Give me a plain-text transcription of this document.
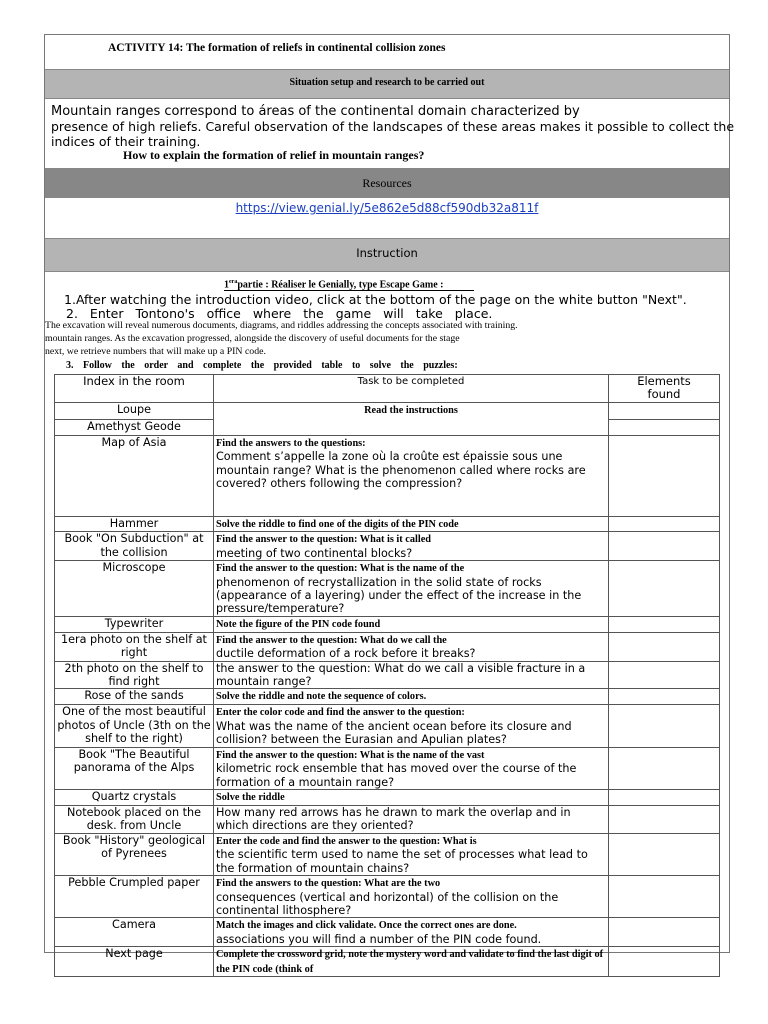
ACTIVITY 14: The formation of reliefs in continental collision zones
Situation setup and research to be carried out
Mountain ranges correspond to áreas of the continental domain characterized by
presence of high reliefs. Careful observation of the landscapes of these areas makes it possible to collect the
indices of their training.
How to explain the formation of relief in mountain ranges?
Resources
https://view.genial.ly/5e862e5d88cf590db32a811f
Instruction
$1^{era}partie$ : Réaliser le Genially, type Escape Game :
1.After watching the introduction video, click at the bottom of the page on the white button "Next".
2. Enter Tontono's office where the game will take place.
The excavation will reveal numerous documents, diagrams, and riddles addressing the concepts associated with training.
mountain ranges. As the excavation progressed, alongside the discovery of useful documents for the stage
next, we retrieve numbers that will make up a PIN code.
3. Follow the order and complete the provided table to solve the puzzles:
Index in the room	Task to be completed	Elements found
Loupe	Read the instructions	
Amethyst Geode		
Map of Asia	Find the answers to the questions:
Comment s’appelle la zone où la croûte est épaissie sous une mountain range? What is the phenomenon called where rocks are covered? others following the compression?	
Hammer	Solve the riddle to find one of the digits of the PIN code	
Book "On Subduction" at the collision	Find the answer to the question: What is it called
meeting of two continental blocks?	
Microscope	Find the answer to the question: What is the name of the
phenomenon of recrystallization in the solid state of rocks (appearance of a layering) under the effect of the increase in the pressure/temperature?	
Typewriter	Note the figure of the PIN code found	
1era photo on the shelf at right	Find the answer to the question: What do we call the
ductile deformation of a rock before it breaks?	
2th photo on the shelf to find right	the answer to the question: What do we call a visible fracture in a mountain range?	
Rose of the sands	Solve the riddle and note the sequence of colors.	
One of the most beautiful photos of Uncle (3th on the shelf to the right)	Enter the color code and find the answer to the question:
What was the name of the ancient ocean before its closure and collision? between the Eurasian and Apulian plates?	
Book "The Beautiful panorama of the Alps	Find the answer to the question: What is the name of the vast
kilometric rock ensemble that has moved over the course of the formation of a mountain range?	
Quartz crystals	Solve the riddle	
Notebook placed on the desk. from Uncle	How many red arrows has he drawn to mark the overlap and in which directions are they oriented?	
Book "History" geological of Pyrenees	Enter the code and find the answer to the question: What is
the scientific term used to name the set of processes what lead to the formation of mountain chains?	
Pebble Crumpled paper	Find the answers to the question: What are the two
consequences (vertical and horizontal) of the collision on the continental lithosphere?	
Camera	Match the images and click validate. Once the correct ones are done.
associations you will find a number of the PIN code found.	
Next page	Complete the crossword grid, note the mystery word and validate to find the last digit of the PIN code (think of	
